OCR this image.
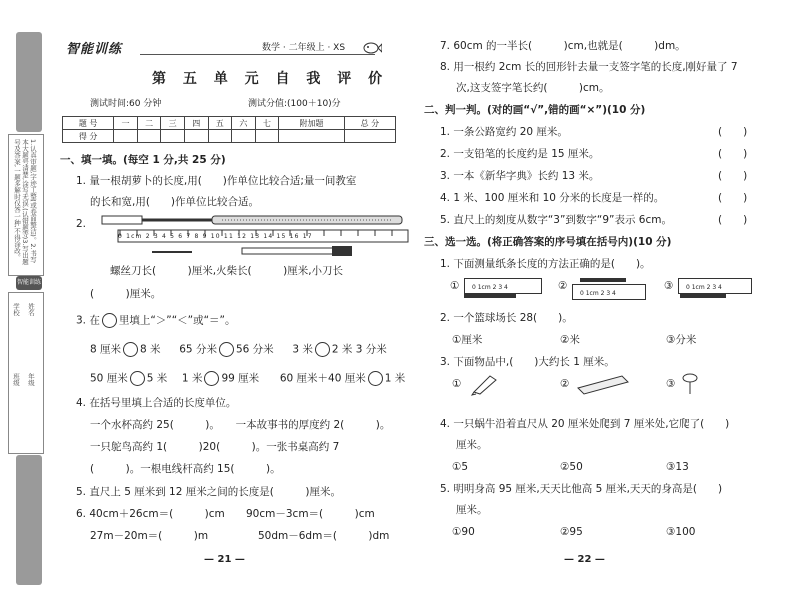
1.认真审题,字迹工整(或卷面整洁)。2.书写本大题号清楚,涂写无误,(认错题等)3.写出题号及答案,一题多解时仅答一种,不得涂改。
智能训练
学校
班级
姓名
年级
智能训练	数学 · 二年级上 · XS
第 五 单 元 自 我 评 价
测试时间:60 分钟	测试分值:(100＋10)分
题 号	一	二	三	四	五	六	七	附加题	总 分
得 分									
一、填一填。(每空 1 分,共 25 分)
1. 量一根胡萝卜的长度,用(　　)作单位比较合适;量一间教室
的长和宽,用(　　)作单位比较合适。
2.
0 1cm 2 3 4 5 6 7 8 9 10 11 12 13 14 15 16 17
螺丝刀长(　　　)厘米,火柴长(　　　)厘米,小刀长
(　　　)厘米。
3. 在 里填上“＞”“＜”或“＝”。
8 厘米 8 米 65 分米 56 分米 3 米 2 米 3 分米
50 厘米 5 米 1 米 99 厘米 60 厘米＋40 厘米 1 米
4. 在括号里填上合适的长度单位。
一个水杯高约 25(　　　)。　　一本故事书的厚度约 2(　　　)。
一只鸵鸟高约 1(　　　)20(　　　)。一张书桌高约 7
(　　　)。一根电线杆高约 15(　　　)。
5. 直尺上 5 厘米到 12 厘米之间的长度是(　　　)厘米。
6. 40cm＋26cm＝(　　　)cm 90cm－3cm＝(　　　)cm
27m－20m＝(　　　)m	50dm－6dm＝(　　　)dm
— 21 —
7. 60cm 的一半长(　　　)cm,也就是(　　　)dm。
8. 用一根约 2cm 长的回形针去量一支签字笔的长度,刚好量了 7
次,这支签字笔长约(　　　)cm。
二、判一判。(对的画“√”,错的画“×”)(10 分)
1. 一条公路宽约 20 厘米。	(　　)
2. 一支铅笔的长度约是 15 厘米。	(　　)
3. 一本《新华字典》长约 13 米。	(　　)
4. 1 米、100 厘米和 10 分米的长度是一样的。	(　　)
5. 直尺上的刻度从数字“3”到数字“9”表示 6cm。	(　　)
三、选一选。(将正确答案的序号填在括号内)(10 分)
1. 下面测量纸条长度的方法正确的是(　　)。
① 0 1cm 2 3 4	②
0 1cm 2 3 4
③ 0 1cm 2 3 4
2. 一个篮球场长 28(　　)。
①厘米	②米	③分米
3. 下面物品中,(　　)大约长 1 厘米。
①	②	③
4. 一只蜗牛沿着直尺从 20 厘米处爬到 7 厘米处,它爬了(　　)
厘米。
①5	②50	③13
5. 明明身高 95 厘米,天天比他高 5 厘米,天天的身高是(　　)
厘米。
①90	②95	③100
— 22 —
